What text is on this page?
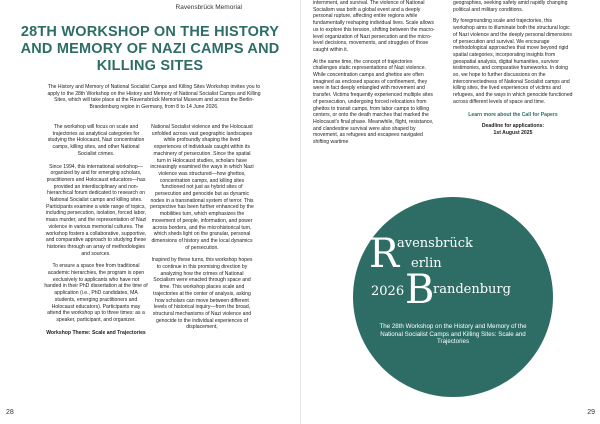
Ravensbrück Memorial
28TH WORKSHOP ON THE HISTORY AND MEMORY OF NAZI CAMPS AND KILLING SITES
The History and Memory of National Socialist Camps and Killing Sites Workshop invites you to apply to the 28th Workshop on the History and Memory of National Socialist Camps and Killing Sites, which will take place at the Ravensbrück Memorial Museum and across the Berlin-Brandenburg region in Germany, from 8 to 14 June 2026.

The workshop will focus on scale and trajectories as analytical categories for studying the Holocaust, Nazi concentration camps, killing sites, and other National Socialist crimes.

Since 1994, this international workshop—organized by and for emerging scholars, practitioners and Holocaust educators—has provided an interdisciplinary and non-hierarchical forum dedicated to research on National Socialist camps and killing sites. Participants examine a wide range of topics, including persecution, isolation, forced labor, mass murder, and the representation of Nazi violence in various memorial cultures. The workshop fosters a collaborative, supportive, and comparative approach to studying these histories through an array of methodologies and sources.

To ensure a space free from traditional academic hierarchies, the program is open exclusively to applicants who have not handed in their PhD dissertation at the time of application (i.e., PhD candidates, MA students, emerging practitioners and Holocaust educators). Participants may attend the workshop up to three times: as a speaker, participant, and organizer.

Workshop Theme: Scale and Trajectories

National Socialist violence and the Holocaust unfolded across vast geographic landscapes while profoundly shaping the lived experiences of individuals caught within its machinery of persecution. Since the spatial turn in Holocaust studies, scholars have increasingly examined the ways in which Nazi violence was structured—how ghettos, concentration camps, and killing sites functioned not just as hybrid sites of persecution and genocide but as dynamic nodes in a transnational system of terror. This perspective has been further enhanced by the mobilities turn, which emphasizes the movement of people, information, and power across borders, and the microhistorical turn, which sheds light on the granular, personal dimensions of history and the local dynamics of persecution.

Inspired by these turns, this workshop hopes to continue in this promising direction by analyzing how the crimes of National Socialism were enacted through space and time. This workshop places scale and trajectories at the center of analysis, asking how scholars can move between different levels of historical inquiry—from the broad, structural mechanisms of Nazi violence and genocide to the individual experiences of displacement,

28

internment, and survival. The violence of National Socialism was both a global event and a deeply personal rupture, affecting entire regions while fundamentally reshaping individual lives. Scale allows us to explore this tension, shifting between the macro-level organization of Nazi persecution and the micro-level decisions, movements, and struggles of those caught within it.

At the same time, the concept of trajectories challenges static representations of Nazi violence. While concentration camps and ghettos are often imagined as enclosed spaces of confinement, they were in fact deeply entangled with movement and transfer. Victims frequently experienced multiple sites of persecution, undergoing forced relocations from ghettos to transit camps, from labor camps to killing centers, or onto the death marches that marked the Holocaust's final phase. Meanwhile, flight, resistance, and clandestine survival were also shaped by movement, as refugees and escapees navigated shifting wartime

geographies, seeking safety amid rapidly changing political and military conditions.

By foregrounding scale and trajectories, this workshop aims to illuminate both the structural logic of Nazi violence and the deeply personal dimensions of persecution and survival. We encourage methodological approaches that move beyond rigid spatial categories, incorporating insights from geospatial analysis, digital humanities, survivor testimonies, and comparative frameworks. In doing so, we hope to further discussions on the interconnectedness of National Socialist camps and killing sites, the lived experiences of victims and refugees, and the ways in which genocide functioned across different levels of space and time.

Learn more about the Call for Papers

Deadline for applications:
1st August 2025

R
avensbrück
erlin
2026 B
randenburg
The 28th Workshop on the History and Memory of the National Socialist Camps and Killing Sites: Scale and Trajectories
29
